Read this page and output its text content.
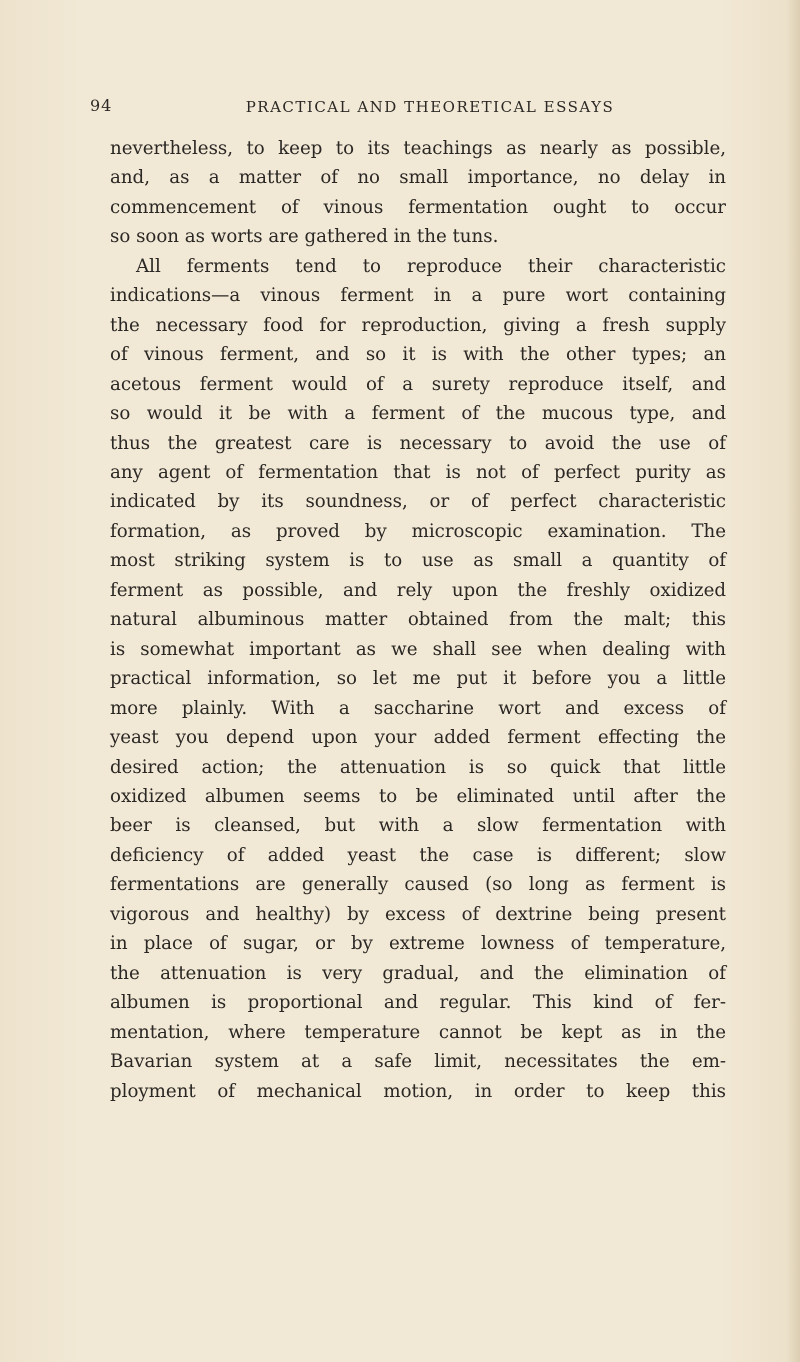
94	PRACTICAL AND THEORETICAL ESSAYS
nevertheless, to keep to its teachings as nearly as possible,
and, as a matter of no small importance, no delay in
commencement of vinous fermentation ought to occur
so soon as worts are gathered in the tuns.
All ferments tend to reproduce their characteristic
indications—a vinous ferment in a pure wort containing
the necessary food for reproduction, giving a fresh supply
of vinous ferment, and so it is with the other types; an
acetous ferment would of a surety reproduce itself, and
so would it be with a ferment of the mucous type, and
thus the greatest care is necessary to avoid the use of
any agent of fermentation that is not of perfect purity as
indicated by its soundness, or of perfect characteristic
formation, as proved by microscopic examination. The
most striking system is to use as small a quantity of
ferment as possible, and rely upon the freshly oxidized
natural albuminous matter obtained from the malt; this
is somewhat important as we shall see when dealing with
practical information, so let me put it before you a little
more plainly. With a saccharine wort and excess of
yeast you depend upon your added ferment effecting the
desired action; the attenuation is so quick that little
oxidized albumen seems to be eliminated until after the
beer is cleansed, but with a slow fermentation with
deficiency of added yeast the case is different; slow
fermentations are generally caused (so long as ferment is
vigorous and healthy) by excess of dextrine being present
in place of sugar, or by extreme lowness of temperature,
the attenuation is very gradual, and the elimination of
albumen is proportional and regular. This kind of fer-
mentation, where temperature cannot be kept as in the
Bavarian system at a safe limit, necessitates the em-
ployment of mechanical motion, in order to keep this
